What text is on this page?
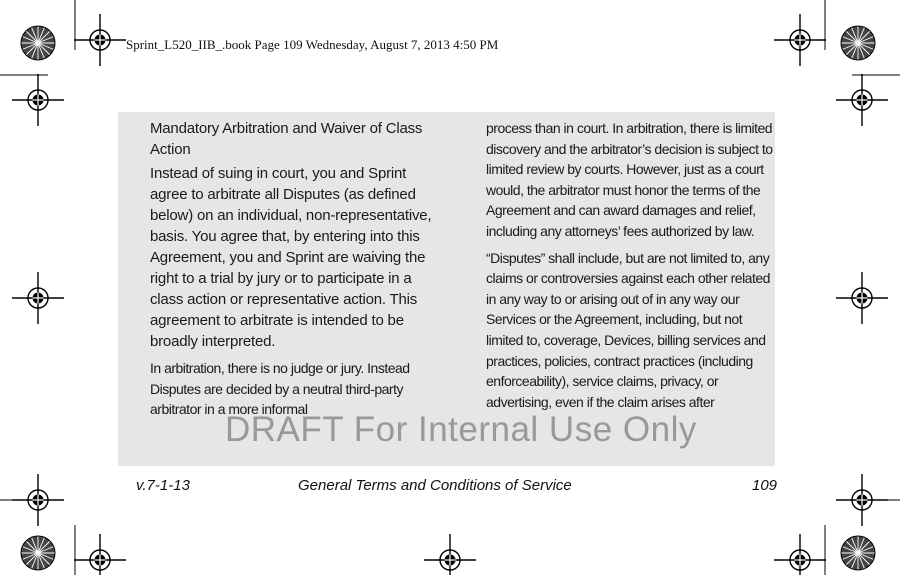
Sprint_L520_IIB_.book Page 109 Wednesday, August 7, 2013 4:50 PM
Mandatory Arbitration and Waiver of Class Action
Instead of suing in court, you and Sprint agree to arbitrate all Disputes (as defined below) on an individual, non-representative, basis. You agree that, by entering into this Agreement, you and Sprint are waiving the right to a trial by jury or to participate in a class action or representative action. This agreement to arbitrate is intended to be broadly interpreted.
In arbitration, there is no judge or jury. Instead Disputes are decided by a neutral third-party arbitrator in a more informal
process than in court. In arbitration, there is limited discovery and the arbitrator’s decision is subject to limited review by courts. However, just as a court would, the arbitrator must honor the terms of the Agreement and can award damages and relief, including any attorneys’ fees authorized by law.
“Disputes” shall include, but are not limited to, any claims or controversies against each other related in any way to or arising out of in any way our Services or the Agreement, including, but not limited to, coverage, Devices, billing services and practices, policies, contract practices (including enforceability), service claims, privacy, or advertising, even if the claim arises after
DRAFT For Internal Use Only
v.7-1-13	General Terms and Conditions of Service	109
